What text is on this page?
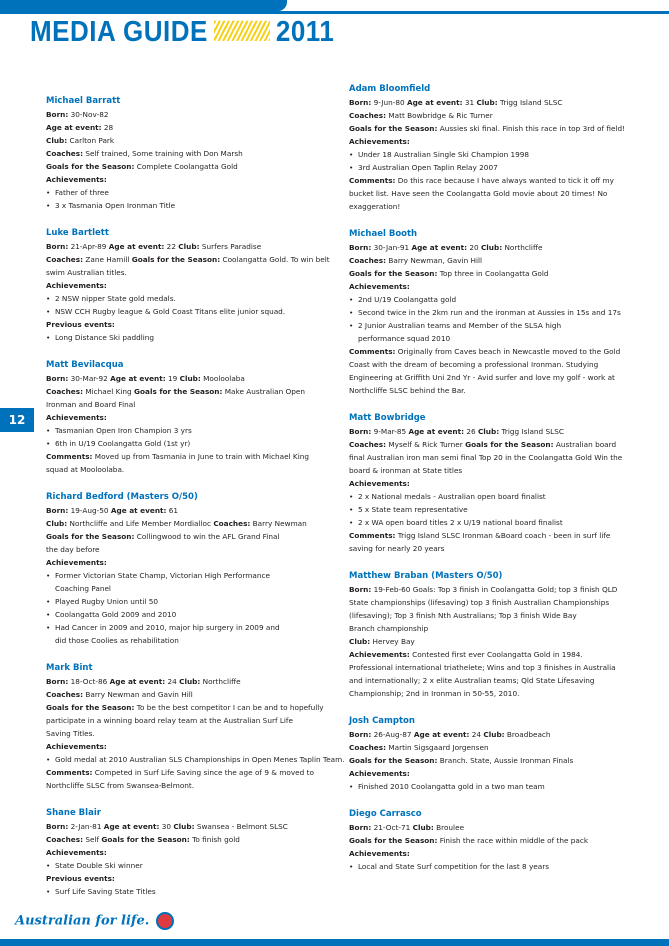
MEDIA GUIDE	2011
12
Michael Barratt
Born: 30-Nov-82
Age at event: 28
Club: Carlton Park
Coaches: Self trained, Some training with Don Marsh
Goals for the Season: Complete Coolangatta Gold
Achievements:
•  Father of three
•  3 x Tasmania Open Ironman Title
Luke Bartlett
Born: 21-Apr-89 Age at event: 22 Club: Surfers Paradise
Coaches: Zane Hamill Goals for the Season: Coolangatta Gold. To win belt
swim Australian titles.
Achievements:
•  2 NSW nipper State gold medals.
•  NSW CCH Rugby league & Gold Coast Titans elite junior squad.
Previous events:
•  Long Distance Ski paddling
Matt Bevilacqua
Born: 30-Mar-92 Age at event: 19 Club: Mooloolaba
Coaches: Michael King Goals for the Season: Make Australian Open
Ironman and Board Final
Achievements:
•  Tasmanian Open Iron Champion 3 yrs
•  6th in U/19 Coolangatta Gold (1st yr)
Comments: Moved up from Tasmania in June to train with Michael King
squad at Mooloolaba.
Richard Bedford (Masters O/50)
Born: 19-Aug-50 Age at event: 61
Club: Northcliffe and Life Member Mordialloc Coaches: Barry Newman
Goals for the Season: Collingwood to win the AFL Grand Final
the day before
Achievements:
•  Former Victorian State Champ, Victorian High Performance
Coaching Panel
•  Played Rugby Union until 50
•  Coolangatta Gold 2009 and 2010
•  Had Cancer in 2009 and 2010, major hip surgery in 2009 and
did those Coolies as rehabilitation
Mark Bint
Born: 18-Oct-86 Age at event: 24 Club: Northcliffe
Coaches: Barry Newman and Gavin Hill
Goals for the Season: To be the best competitor I can be and to hopefully
participate in a winning board relay team at the Australian Surf Life
Saving Titles.
Achievements:
•  Gold medal at 2010 Australian SLS Championships in Open Menes Taplin Team.
Comments: Competed in Surf Life Saving since the age of 9 & moved to
Northcliffe SLSC from Swansea-Belmont.
Shane Blair
Born: 2-Jan-81 Age at event: 30 Club: Swansea - Belmont SLSC
Coaches: Self Goals for the Season: To finish gold
Achievements:
•  State Double Ski winner
Previous events:
•  Surf Life Saving State Titles
Adam Bloomfield
Born: 9-Jun-80 Age at event: 31 Club: Trigg Island SLSC
Coaches: Matt Bowbridge & Ric Turner
Goals for the Season: Aussies ski final. Finish this race in top 3rd of field!
Achievements:
•  Under 18 Australian Single Ski Champion 1998
•  3rd Australian Open Taplin Relay 2007
Comments: Do this race because I have always wanted to tick it off my
bucket list. Have seen the Coolangatta Gold movie about 20 times! No
exaggeration!
Michael Booth
Born: 30-Jan-91 Age at event: 20 Club: Northcliffe
Coaches: Barry Newman, Gavin Hill
Goals for the Season: Top three in Coolangatta Gold
Achievements:
•  2nd U/19 Coolangatta gold
•  Second twice in the 2km run and the ironman at Aussies in 15s and 17s
•  2 Junior Australian teams and Member of the SLSA high
performance squad 2010
Comments: Originally from Caves beach in Newcastle moved to the Gold
Coast with the dream of becoming a professional Ironman. Studying
Engineering at Griffith Uni 2nd Yr - Avid surfer and love my golf - work at
Northcliffe SLSC behind the Bar.
Matt Bowbridge
Born: 9-Mar-85 Age at event: 26 Club: Trigg Island SLSC
Coaches: Myself & Rick Turner Goals for the Season: Australian board
final Australian iron man semi final Top 20 in the Coolangatta Gold Win the
board & ironman at State titles
Achievements:
•  2 x National medals - Australian open board finalist
•  5 x State team representative
•  2 x WA open board titles 2 x U/19 national board finalist
Comments: Trigg Island SLSC Ironman &Board coach - been in surf life
saving for nearly 20 years
Matthew Braban (Masters O/50)
Born: 19-Feb-60 Goals: Top 3 finish in Coolangatta Gold; top 3 finish QLD
State championships (lifesaving) top 3 finish Australian Championships
(lifesaving); Top 3 finish Nth Australians; Top 3 finish Wide Bay
Branch championship
Club: Hervey Bay
Achievements: Contested first ever Coolangatta Gold in 1984.
Professional international triathelete; Wins and top 3 finishes in Australia
and internationally; 2 x elite Australian teams; Qld State Lifesaving
Championship; 2nd in Ironman in 50-55, 2010.
Josh Campton
Born: 26-Aug-87 Age at event: 24 Club: Broadbeach
Coaches: Martin Sigsgaard Jorgensen
Goals for the Season: Branch. State, Aussie Ironman Finals
Achievements:
•  Finished 2010 Coolangatta gold in a two man team
Diego Carrasco
Born: 21-Oct-71 Club: Broulee
Goals for the Season: Finish the race within middle of the pack
Achievements:
•  Local and State Surf competition for the last 8 years
Australian for life.
